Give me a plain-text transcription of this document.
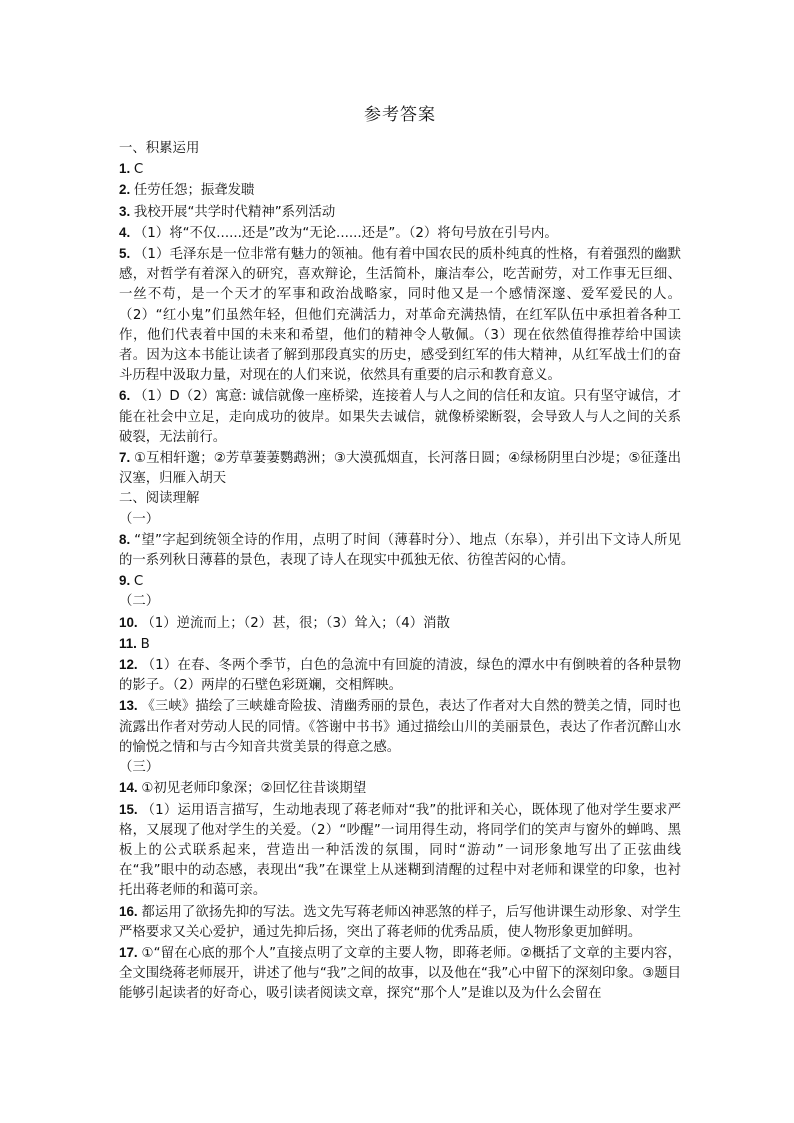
参考答案

一、积累运用

1. C

2. 任劳任怨；振聋发聩

3. 我校开展“共学时代精神”系列活动

4. （1）将“不仅......还是”改为“无论......还是”。（2）将句号放在引号内。

5. （1）毛泽东是一位非常有魅力的领袖。他有着中国农民的质朴纯真的性格，有着强烈的幽默感，对哲学有着深入的研究，喜欢辩论，生活简朴，廉洁奉公，吃苦耐劳，对工作事无巨细、一丝不苟，是一个天才的军事和政治战略家，同时他又是一个感情深邃、爱军爱民的人。（2）“红小鬼”们虽然年轻，但他们充满活力，对革命充满热情，在红军队伍中承担着各种工作，他们代表着中国的未来和希望，他们的精神令人敬佩。（3）现在依然值得推荐给中国读者。因为这本书能让读者了解到那段真实的历史，感受到红军的伟大精神，从红军战士们的奋斗历程中汲取力量，对现在的人们来说，依然具有重要的启示和教育意义。

6. （1）D（2）寓意: 诚信就像一座桥梁，连接着人与人之间的信任和友谊。只有坚守诚信，才能在社会中立足，走向成功的彼岸。如果失去诚信，就像桥梁断裂，会导致人与人之间的关系破裂，无法前行。

7. ①互相轩邈；②芳草萋萋鹦鹉洲；③大漠孤烟直，长河落日圆；④绿杨阴里白沙堤；⑤征蓬出汉塞，归雁入胡天

二、阅读理解

（一）

8. “望”字起到统领全诗的作用，点明了时间（薄暮时分）、地点（东皋），并引出下文诗人所见的一系列秋日薄暮的景色，表现了诗人在现实中孤独无依、彷徨苦闷的心情。

9. C

（二）

10. （1）逆流而上；（2）甚，很；（3）耸入；（4）消散

11. B

12. （1）在春、冬两个季节，白色的急流中有回旋的清波，绿色的潭水中有倒映着的各种景物的影子。（2）两岸的石壁色彩斑斓，交相辉映。

13. 《三峡》描绘了三峡雄奇险拔、清幽秀丽的景色，表达了作者对大自然的赞美之情，同时也流露出作者对劳动人民的同情。《答谢中书书》通过描绘山川的美丽景色，表达了作者沉醉山水的愉悦之情和与古今知音共赏美景的得意之感。

（三）

14. ①初见老师印象深；②回忆往昔谈期望

15. （1）运用语言描写，生动地表现了蒋老师对“我”的批评和关心，既体现了他对学生要求严格，又展现了他对学生的关爱。（2）“吵醒”一词用得生动，将同学们的笑声与窗外的蝉鸣、黑板上的公式联系起来，营造出一种活泼的氛围，同时“游动”一词形象地写出了正弦曲线在“我”眼中的动态感，表现出“我”在课堂上从迷糊到清醒的过程中对老师和课堂的印象，也衬托出蒋老师的和蔼可亲。

16. 都运用了欲扬先抑的写法。选文先写蒋老师凶神恶煞的样子，后写他讲课生动形象、对学生严格要求又关心爱护，通过先抑后扬，突出了蒋老师的优秀品质，使人物形象更加鲜明。

17. ①“留在心底的那个人”直接点明了文章的主要人物，即蒋老师。②概括了文章的主要内容，全文围绕蒋老师展开，讲述了他与“我”之间的故事，以及他在“我”心中留下的深刻印象。③题目能够引起读者的好奇心，吸引读者阅读文章，探究“那个人”是谁以及为什么会留在
